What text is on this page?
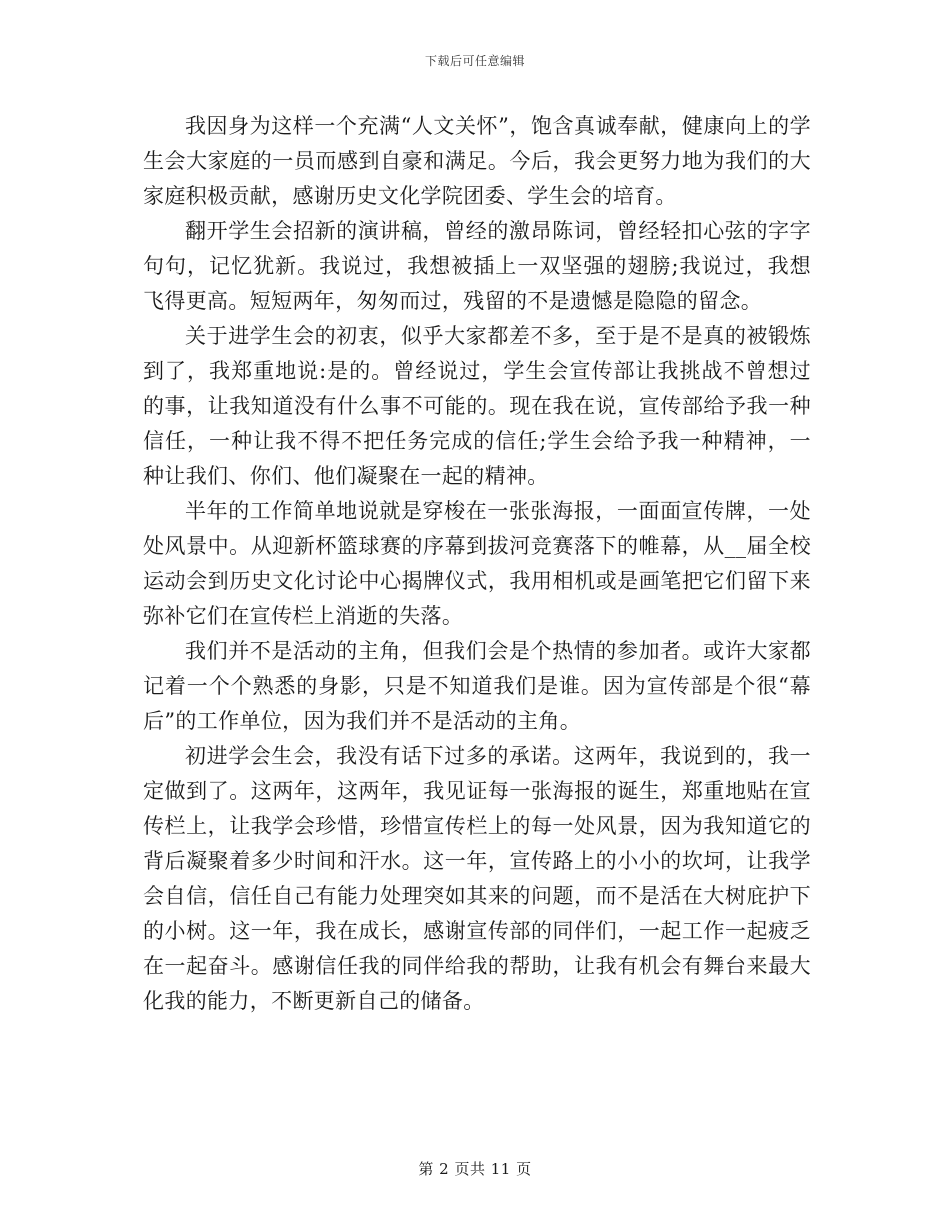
下载后可任意编辑

我因身为这样一个充满“人文关怀”，饱含真诚奉献，健康向上的学生会大家庭的一员而感到自豪和满足。今后，我会更努力地为我们的大家庭积极贡献，感谢历史文化学院团委、学生会的培育。

翻开学生会招新的演讲稿，曾经的激昂陈词，曾经轻扣心弦的字字句句，记忆犹新。我说过，我想被插上一双坚强的翅膀;我说过，我想飞得更高。短短两年，匆匆而过，残留的不是遗憾是隐隐的留念。

关于进学生会的初衷，似乎大家都差不多，至于是不是真的被锻炼到了，我郑重地说:是的。曾经说过，学生会宣传部让我挑战不曾想过的事，让我知道没有什么事不可能的。现在我在说，宣传部给予我一种信任，一种让我不得不把任务完成的信任;学生会给予我一种精神，一种让我们、你们、他们凝聚在一起的精神。

半年的工作简单地说就是穿梭在一张张海报，一面面宣传牌，一处处风景中。从迎新杯篮球赛的序幕到拔河竞赛落下的帷幕，从__届全校运动会到历史文化讨论中心揭牌仪式，我用相机或是画笔把它们留下来弥补它们在宣传栏上消逝的失落。

我们并不是活动的主角，但我们会是个热情的参加者。或许大家都记着一个个熟悉的身影，只是不知道我们是谁。因为宣传部是个很“幕后”的工作单位，因为我们并不是活动的主角。

初进学会生会，我没有话下过多的承诺。这两年，我说到的，我一定做到了。这两年，这两年，我见证每一张海报的诞生，郑重地贴在宣传栏上，让我学会珍惜，珍惜宣传栏上的每一处风景，因为我知道它的背后凝聚着多少时间和汗水。这一年，宣传路上的小小的坎坷，让我学会自信，信任自己有能力处理突如其来的问题，而不是活在大树庇护下的小树。这一年，我在成长，感谢宣传部的同伴们，一起工作一起疲乏在一起奋斗。感谢信任我的同伴给我的帮助，让我有机会有舞台来最大化我的能力，不断更新自己的储备。

第 2 页共 11 页
